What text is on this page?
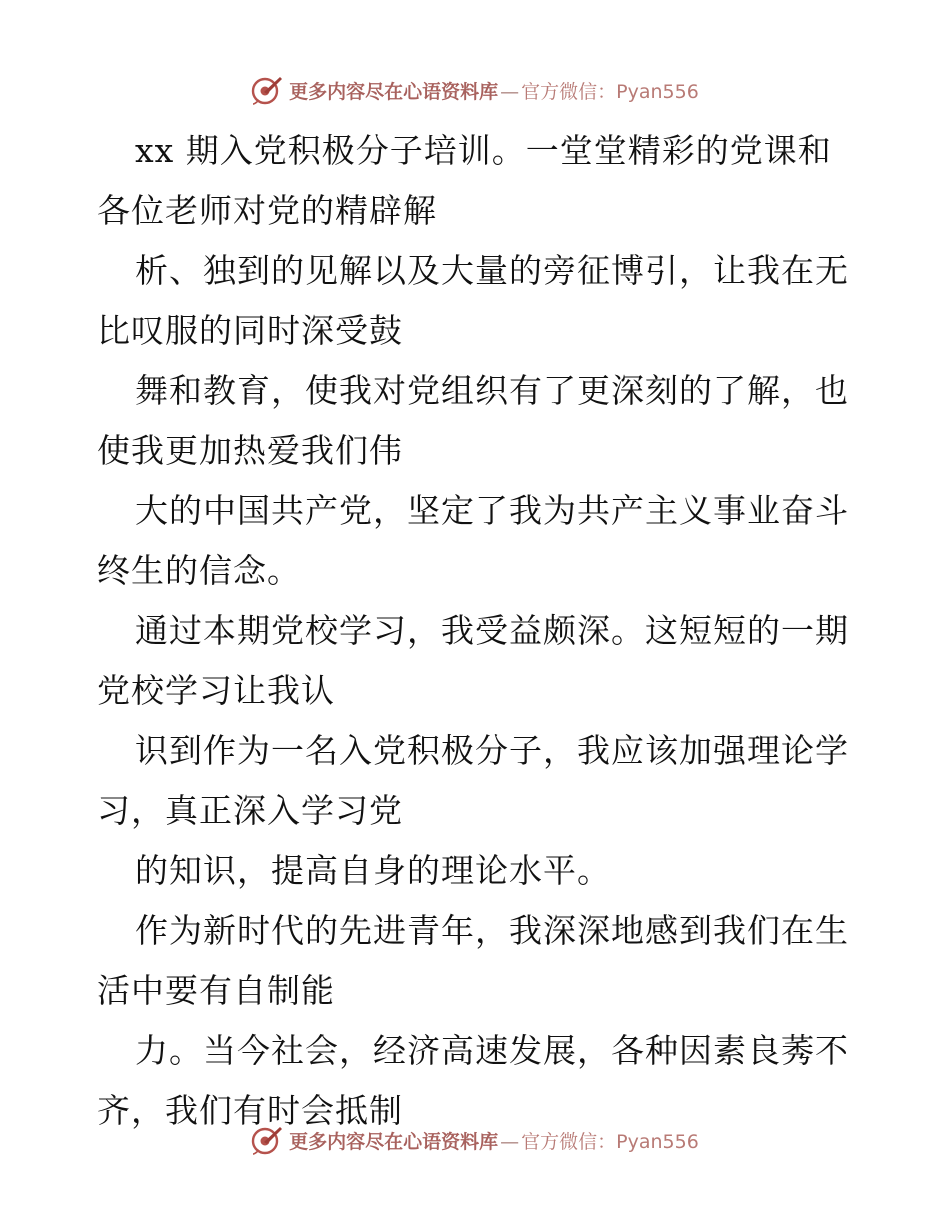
更多内容尽在心语资料库 — 官方微信：Pyan556
xx 期入党积极分子培训。一堂堂精彩的党课和
各位老师对党的精辟解
析、独到的见解以及大量的旁征博引，让我在无
比叹服的同时深受鼓
舞和教育，使我对党组织有了更深刻的了解，也
使我更加热爱我们伟
大的中国共产党，坚定了我为共产主义事业奋斗
终生的信念。
通过本期党校学习，我受益颇深。这短短的一期
党校学习让我认
识到作为一名入党积极分子，我应该加强理论学
习，真正深入学习党
的知识，提高自身的理论水平。
作为新时代的先进青年，我深深地感到我们在生
活中要有自制能
力。当今社会，经济高速发展，各种因素良莠不
齐，我们有时会抵制
更多内容尽在心语资料库 — 官方微信：Pyan556
